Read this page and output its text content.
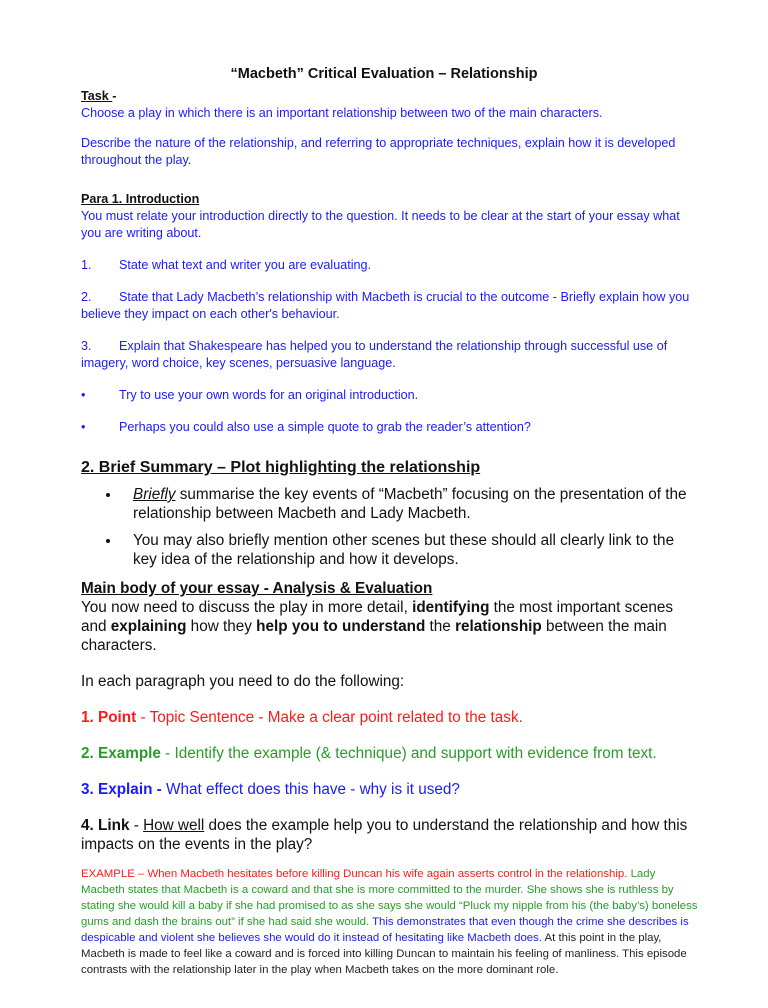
“Macbeth” Critical Evaluation – Relationship

Task -

Choose a play in which there is an important relationship between two of the main characters.

Describe the nature of the relationship, and referring to appropriate techniques, explain how it is developed throughout the play.

Para 1. Introduction

You must relate your introduction directly to the question. It needs to be clear at the start of your essay what you are writing about.

1. State what text and writer you are evaluating.

2. State that Lady Macbeth’s relationship with Macbeth is crucial to the outcome - Briefly explain how you believe they impact on each other's behaviour.

3. Explain that Shakespeare has helped you to understand the relationship through successful use of imagery, word choice, key scenes, persuasive language.

•	Try to use your own words for an original introduction.

•	Perhaps you could also use a simple quote to grab the reader’s attention?

2. Brief Summary – Plot highlighting the relationship

• Briefly summarise the key events of “Macbeth” focusing on the presentation of the relationship between Macbeth and Lady Macbeth.
• You may also briefly mention other scenes but these should all clearly link to the key idea of the relationship and how it develops.

Main body of your essay - Analysis & Evaluation

You now need to discuss the play in more detail, identifying the most important scenes and explaining how they help you to understand the relationship between the main characters.

In each paragraph you need to do the following:

1. Point - Topic Sentence - Make a clear point related to the task.

2. Example - Identify the example (& technique) and support with evidence from text.

3. Explain - What effect does this have - why is it used?

4. Link - How well does the example help you to understand the relationship and how this impacts on the events in the play?

EXAMPLE – When Macbeth hesitates before killing Duncan his wife again asserts control in the relationship. Lady Macbeth states that Macbeth is a coward and that she is more committed to the murder. She shows she is ruthless by stating she would kill a baby if she had promised to as she says she would “Pluck my nipple from his (the baby’s) boneless gums and dash the brains out” if she had said she would. This demonstrates that even though the crime she describes is despicable and violent she believes she would do it instead of hesitating like Macbeth does. At this point in the play, Macbeth is made to feel like a coward and is forced into killing Duncan to maintain his feeling of manliness. This episode contrasts with the relationship later in the play when Macbeth takes on the more dominant role.
